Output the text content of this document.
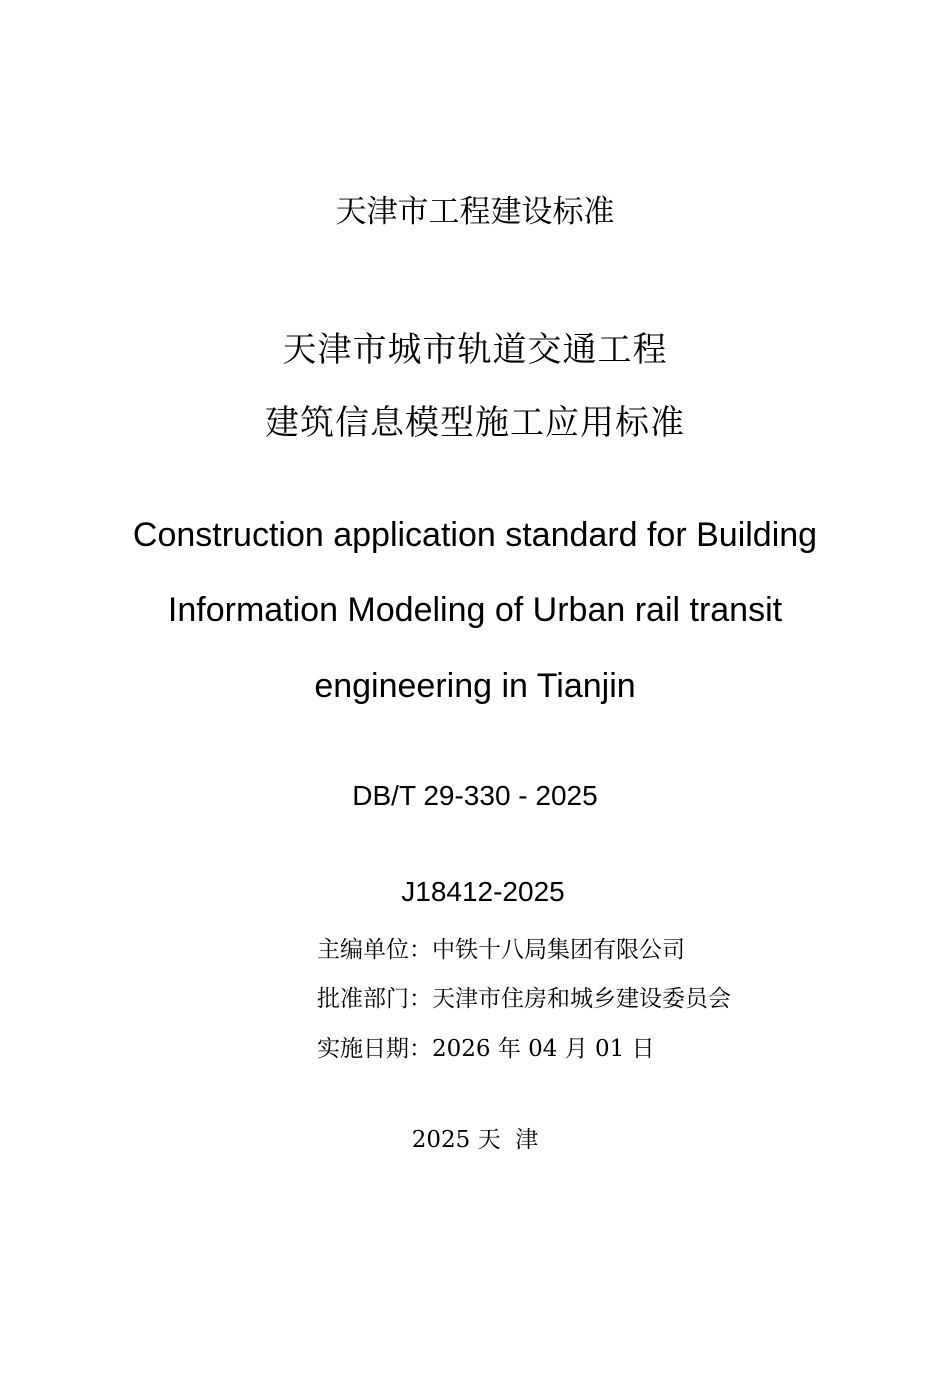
天津市工程建设标准
天津市城市轨道交通工程
建筑信息模型施工应用标准
Construction application standard for Building
Information Modeling of Urban rail transit
engineering in Tianjin
DB/T 29-330 - 2025
J18412-2025
主编单位：中铁十八局集团有限公司
批准部门：天津市住房和城乡建设委员会
实施日期：2026 年 04 月 01 日
2025 天  津
